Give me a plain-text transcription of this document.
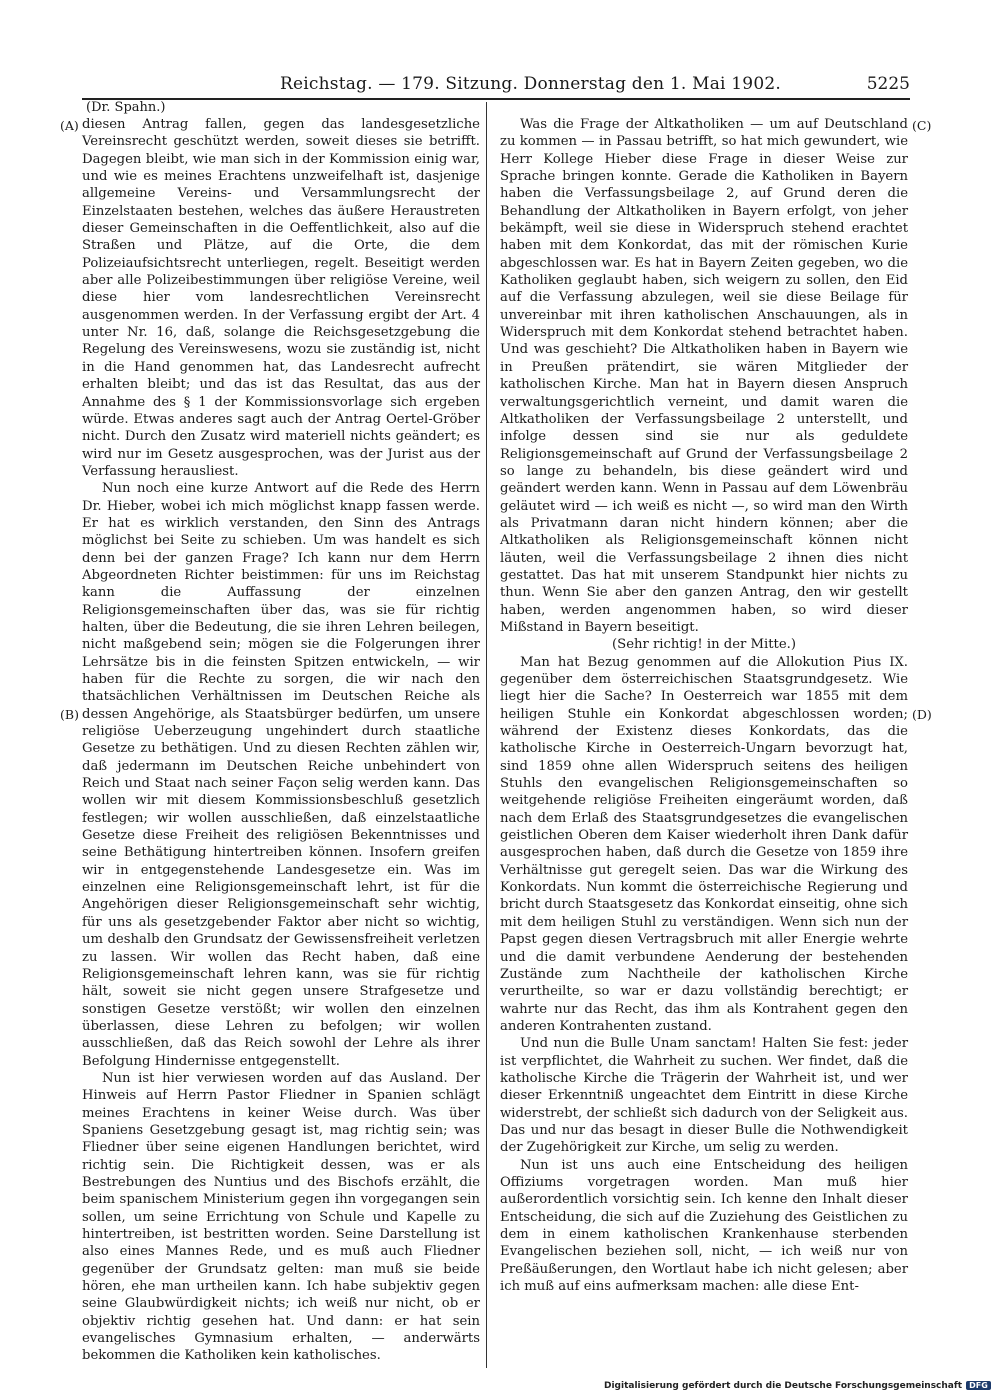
Reichstag. — 179. Sitzung. Donnerstag den 1. Mai 1902.	5225
(Dr. Spahn.)
(A)
(B)
(C)
(D)

diesen Antrag fallen, gegen das landesgesetzliche Vereinsrecht geschützt werden, soweit dieses sie betrifft. Dagegen bleibt, wie man sich in der Kommission einig war, und wie es meines Erachtens unzweifelhaft ist, dasjenige allgemeine Vereins- und Versammlungsrecht der Einzelstaaten bestehen, welches das äußere Heraustreten dieser Gemeinschaften in die Oeffentlichkeit, also auf die Straßen und Plätze, auf die Orte, die dem Polizeiaufsichtsrecht unterliegen, regelt. Beseitigt werden aber alle Polizeibestimmungen über religiöse Vereine, weil diese hier vom landesrechtlichen Vereinsrecht ausgenommen werden. In der Verfassung ergibt der Art. 4 unter Nr. 16, daß, solange die Reichsgesetzgebung die Regelung des Vereinswesens, wozu sie zuständig ist, nicht in die Hand genommen hat, das Landesrecht aufrecht erhalten bleibt; und das ist das Resultat, das aus der Annahme des § 1 der Kommissionsvorlage sich ergeben würde. Etwas anderes sagt auch der Antrag Oertel-Gröber nicht. Durch den Zusatz wird materiell nichts geändert; es wird nur im Gesetz ausgesprochen, was der Jurist aus der Verfassung herausliest.

Nun noch eine kurze Antwort auf die Rede des Herrn Dr. Hieber, wobei ich mich möglichst knapp fassen werde. Er hat es wirklich verstanden, den Sinn des Antrags möglichst bei Seite zu schieben. Um was handelt es sich denn bei der ganzen Frage? Ich kann nur dem Herrn Abgeordneten Richter beistimmen: für uns im Reichstag kann die Auffassung der einzelnen Religionsgemeinschaften über das, was sie für richtig halten, über die Bedeutung, die sie ihren Lehren beilegen, nicht maßgebend sein; mögen sie die Folgerungen ihrer Lehrsätze bis in die feinsten Spitzen entwickeln, — wir haben für die Rechte zu sorgen, die wir nach den thatsächlichen Verhältnissen im Deutschen Reiche als dessen Angehörige, als Staatsbürger bedürfen, um unsere religiöse Ueberzeugung ungehindert durch staatliche Gesetze zu bethätigen. Und zu diesen Rechten zählen wir, daß jedermann im Deutschen Reiche unbehindert von Reich und Staat nach seiner Façon selig werden kann. Das wollen wir mit diesem Kommissionsbeschluß gesetzlich festlegen; wir wollen ausschließen, daß einzelstaatliche Gesetze diese Freiheit des religiösen Bekenntnisses und seine Bethätigung hintertreiben können. Insofern greifen wir in entgegenstehende Landesgesetze ein. Was im einzelnen eine Religionsgemeinschaft lehrt, ist für die Angehörigen dieser Religionsgemeinschaft sehr wichtig, für uns als gesetzgebender Faktor aber nicht so wichtig, um deshalb den Grundsatz der Gewissensfreiheit verletzen zu lassen. Wir wollen das Recht haben, daß eine Religionsgemeinschaft lehren kann, was sie für richtig hält, soweit sie nicht gegen unsere Strafgesetze und sonstigen Gesetze verstößt; wir wollen den einzelnen überlassen, diese Lehren zu befolgen; wir wollen ausschließen, daß das Reich sowohl der Lehre als ihrer Befolgung Hindernisse entgegenstellt.

Nun ist hier verwiesen worden auf das Ausland. Der Hinweis auf Herrn Pastor Fliedner in Spanien schlägt meines Erachtens in keiner Weise durch. Was über Spaniens Gesetzgebung gesagt ist, mag richtig sein; was Fliedner über seine eigenen Handlungen berichtet, wird richtig sein. Die Richtigkeit dessen, was er als Bestrebungen des Nuntius und des Bischofs erzählt, die beim spanischem Ministerium gegen ihn vorgegangen sein sollen, um seine Errichtung von Schule und Kapelle zu hintertreiben, ist bestritten worden. Seine Darstellung ist also eines Mannes Rede, und es muß auch Fliedner gegenüber der Grundsatz gelten: man muß sie beide hören, ehe man urtheilen kann. Ich habe subjektiv gegen seine Glaubwürdigkeit nichts; ich weiß nur nicht, ob er objektiv richtig gesehen hat. Und dann: er hat sein evangelisches Gymnasium erhalten, — anderwärts bekommen die Katholiken kein katholisches.

Was die Frage der Altkatholiken — um auf Deutschland zu kommen — in Passau betrifft, so hat mich gewundert, wie Herr Kollege Hieber diese Frage in dieser Weise zur Sprache bringen konnte. Gerade die Katholiken in Bayern haben die Verfassungsbeilage 2, auf Grund deren die Behandlung der Altkatholiken in Bayern erfolgt, von jeher bekämpft, weil sie diese in Widerspruch stehend erachtet haben mit dem Konkordat, das mit der römischen Kurie abgeschlossen war. Es hat in Bayern Zeiten gegeben, wo die Katholiken geglaubt haben, sich weigern zu sollen, den Eid auf die Verfassung abzulegen, weil sie diese Beilage für unvereinbar mit ihren katholischen Anschauungen, als in Widerspruch mit dem Konkordat stehend betrachtet haben. Und was geschieht? Die Altkatholiken haben in Bayern wie in Preußen prätendirt, sie wären Mitglieder der katholischen Kirche. Man hat in Bayern diesen Anspruch verwaltungsgerichtlich verneint, und damit waren die Altkatholiken der Verfassungsbeilage 2 unterstellt, und infolge dessen sind sie nur als geduldete Religionsgemeinschaft auf Grund der Verfassungsbeilage 2 so lange zu behandeln, bis diese geändert wird und geändert werden kann. Wenn in Passau auf dem Löwenbräu geläutet wird — ich weiß es nicht —, so wird man den Wirth als Privatmann daran nicht hindern können; aber die Altkatholiken als Religionsgemeinschaft können nicht läuten, weil die Verfassungsbeilage 2 ihnen dies nicht gestattet. Das hat mit unserem Standpunkt hier nichts zu thun. Wenn Sie aber den ganzen Antrag, den wir gestellt haben, werden angenommen haben, so wird dieser Mißstand in Bayern beseitigt.

(Sehr richtig! in der Mitte.)

Man hat Bezug genommen auf die Allokution Pius IX. gegenüber dem österreichischen Staatsgrundgesetz. Wie liegt hier die Sache? In Oesterreich war 1855 mit dem heiligen Stuhle ein Konkordat abgeschlossen worden; während der Existenz dieses Konkordats, das die katholische Kirche in Oesterreich-Ungarn bevorzugt hat, sind 1859 ohne allen Widerspruch seitens des heiligen Stuhls den evangelischen Religionsgemeinschaften so weitgehende religiöse Freiheiten eingeräumt worden, daß nach dem Erlaß des Staatsgrundgesetzes die evangelischen geistlichen Oberen dem Kaiser wiederholt ihren Dank dafür ausgesprochen haben, daß durch die Gesetze von 1859 ihre Verhältnisse gut geregelt seien. Das war die Wirkung des Konkordats. Nun kommt die österreichische Regierung und bricht durch Staatsgesetz das Konkordat einseitig, ohne sich mit dem heiligen Stuhl zu verständigen. Wenn sich nun der Papst gegen diesen Vertragsbruch mit aller Energie wehrte und die damit verbundene Aenderung der bestehenden Zustände zum Nachtheile der katholischen Kirche verurtheilte, so war er dazu vollständig berechtigt; er wahrte nur das Recht, das ihm als Kontrahent gegen den anderen Kontrahenten zustand.

Und nun die Bulle Unam sanctam! Halten Sie fest: jeder ist verpflichtet, die Wahrheit zu suchen. Wer findet, daß die katholische Kirche die Trägerin der Wahrheit ist, und wer dieser Erkenntniß ungeachtet dem Eintritt in diese Kirche widerstrebt, der schließt sich dadurch von der Seligkeit aus. Das und nur das besagt in dieser Bulle die Nothwendigkeit der Zugehörigkeit zur Kirche, um selig zu werden.

Nun ist uns auch eine Entscheidung des heiligen Offiziums vorgetragen worden. Man muß hier außerordentlich vorsichtig sein. Ich kenne den Inhalt dieser Entscheidung, die sich auf die Zuziehung des Geistlichen zu dem in einem katholischen Krankenhause sterbenden Evangelischen beziehen soll, nicht, — ich weiß nur von Preßäußerungen, den Wortlaut habe ich nicht gelesen; aber ich muß auf eins aufmerksam machen: alle diese Ent-

Digitalisierung gefördert durch die Deutsche Forschungsgemeinschaft DFG
